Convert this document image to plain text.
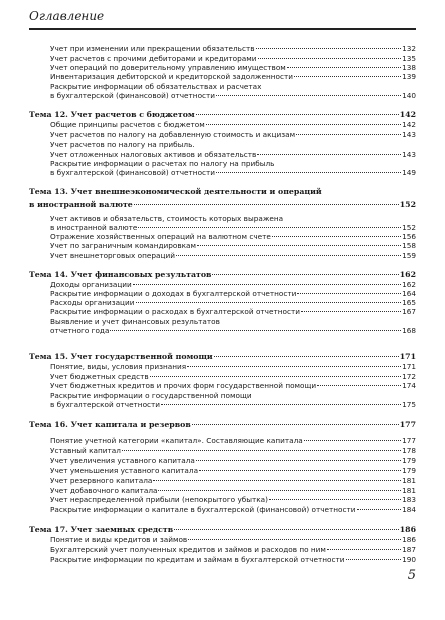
Оглавление
Учет при изменении или прекращении обязательств	132
Учет расчетов с прочими дебиторами и кредиторами	135
Учет операций по доверительному управлению имуществом	138
Инвентаризация дебиторской и кредиторской задолженности	139
Раскрытие информации об обязательствах и расчетах
в бухгалтерской (финансовой) отчетности	140
Тема 12. Учет расчетов с бюджетом	142
Общие принципы расчетов с бюджетом	142
Учет расчетов по налогу на добавленную стоимость и акцизам	143
Учет расчетов по налогу на прибыль.
Учет отложенных налоговых активов и обязательств	143
Раскрытие информации о расчетах по налогу на прибыль
в бухгалтерской (финансовой) отчетности	149
Тема 13. Учет внешнеэкономической деятельности и операций
в иностранной валюте	152
Учет активов и обязательств, стоимость которых выражена
в иностранной валюте	152
Отражение хозяйственных операций на валютном счете	156
Учет по заграничным командировкам	158
Учет внешнеторговых операций	159
Тема 14. Учет финансовых результатов	162
Доходы организации	162
Раскрытие информации о доходах в бухгалтерской отчетности	164
Расходы организации	165
Раскрытие информации о расходах в бухгалтерской отчетности	167
Выявление и учет финансовых результатов
отчетного года	168
Тема 15. Учет государственной помощи	171
Понятие, виды, условия признания	171
Учет бюджетных средств	172
Учет бюджетных кредитов и прочих форм государственной помощи	174
Раскрытие информации о государственной помощи
в бухгалтерской отчетности	175
Тема 16. Учет капитала и резервов	177
Понятие учетной категории «капитал». Составляющие капитала	177
Уставный капитал	178
Учет увеличения уставного капитала	179
Учет уменьшения уставного капитала	179
Учет резервного капитала	181
Учет добавочного капитала	181
Учет нераспределенной прибыли (непокрытого убытка)	183
Раскрытие информации о капитале в бухгалтерской (финансовой) отчетности	184
Тема 17. Учет заемных средств	186
Понятие и виды кредитов и займов	186
Бухгалтерский учет полученных кредитов и займов и расходов по ним	187
Раскрытие информации по кредитам и займам в бухгалтерской отчетности	190
5
